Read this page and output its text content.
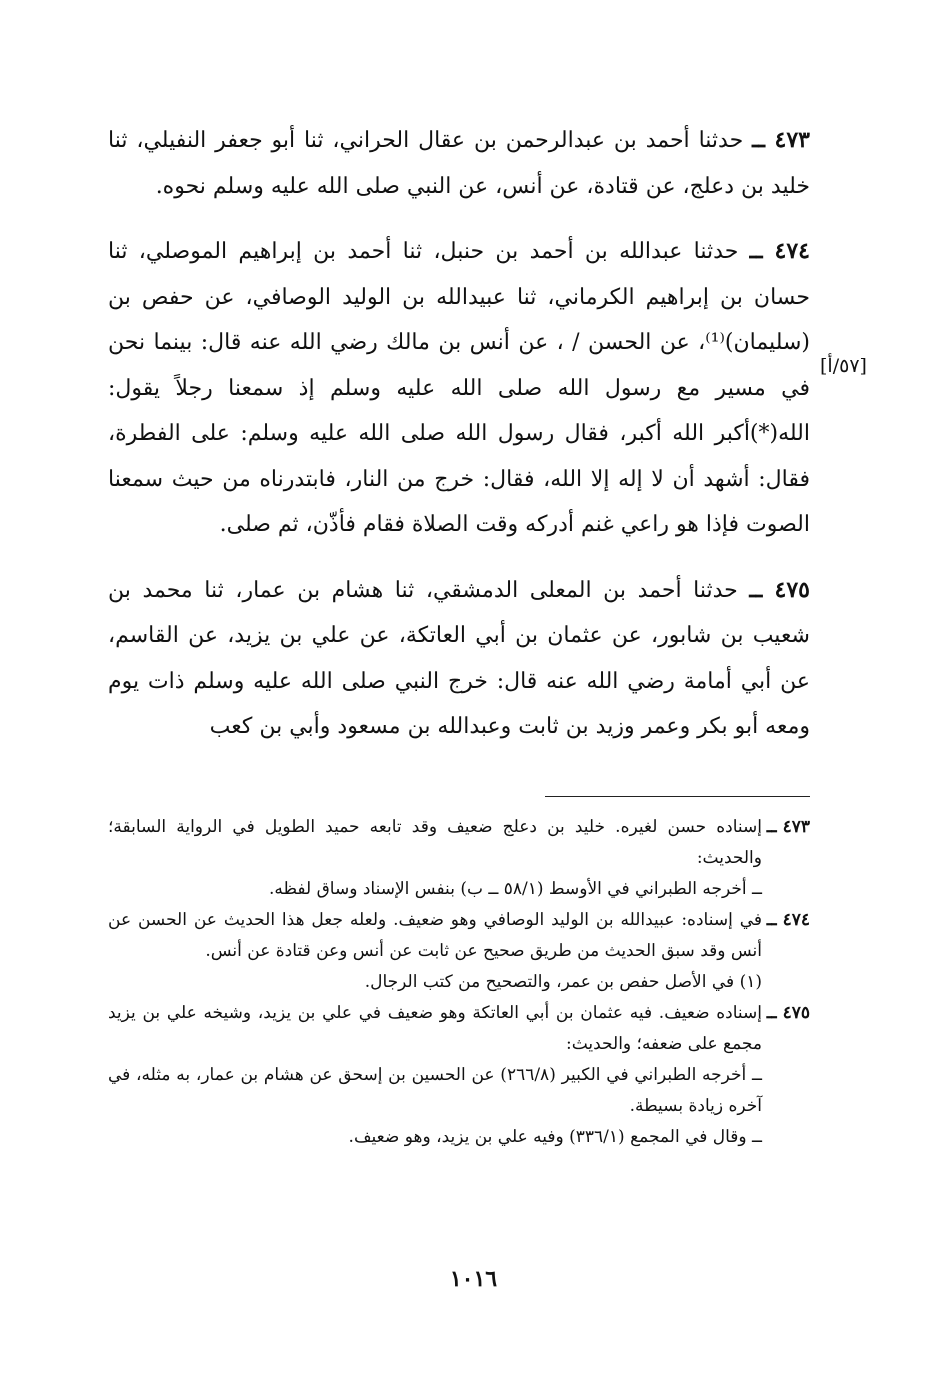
٤٧٣ ــ حدثنا أحمد بن عبدالرحمن بن عقال الحراني، ثنا أبو جعفر النفيلي، ثنا خليد بن دعلج، عن قتادة، عن أنس، عن النبي صلى الله عليه وسلم نحوه.

٤٧٤ ــ حدثنا عبدالله بن أحمد بن حنبل، ثنا أحمد بن إبراهيم الموصلي، ثنا حسان بن إبراهيم الكرماني، ثنا عبيدالله بن الوليد الوصافي، عن حفص بن (سليمان)⁽¹⁾، عن الحسن / ، عن أنس بن مالك رضي الله عنه قال: بينما نحن في مسير مع رسول الله صلى الله عليه وسلم إذ سمعنا رجلاً يقول: الله(*)أكبر الله أكبر، فقال رسول الله صلى الله عليه وسلم: على الفطرة، فقال: أشهد أن لا إله إلا الله، فقال: خرج من النار، فابتدرناه من حيث سمعنا الصوت فإذا هو راعي غنم أدركه وقت الصلاة فقام فأذّن، ثم صلى.

٤٧٥ ــ حدثنا أحمد بن المعلى الدمشقي، ثنا هشام بن عمار، ثنا محمد بن شعيب بن شابور، عن عثمان بن أبي العاتكة، عن علي بن يزيد، عن القاسم، عن أبي أمامة رضي الله عنه قال: خرج النبي صلى الله عليه وسلم ذات يوم ومعه أبو بكر وعمر وزيد بن ثابت وعبدالله بن مسعود وأبي بن كعب

[٥٧/أ]
٤٧٣ ــ

إسناده حسن لغيره. خليد بن دعلج ضعيف وقد تابعه حميد الطويل في الرواية السابقة؛ والحديث:

ــ أخرجه الطبراني في الأوسط (٥٨/١ ــ ب) بنفس الإسناد وساق لفظه.

٤٧٤ ــ

في إسناده: عبيدالله بن الوليد الوصافي وهو ضعيف. ولعله جعل هذا الحديث عن الحسن عن أنس وقد سبق الحديث من طريق صحيح عن ثابت عن أنس وعن قتادة عن أنس.

(١) في الأصل حفص بن عمر، والتصحيح من كتب الرجال.

٤٧٥ ــ

إسناده ضعيف. فيه عثمان بن أبي العاتكة وهو ضعيف في علي بن يزيد، وشيخه علي بن يزيد مجمع على ضعفه؛ والحديث:

ــ أخرجه الطبراني في الكبير (٢٦٦/٨) عن الحسين بن إسحق عن هشام بن عمار، به مثله، في آخره زيادة بسيطة.

ــ وقال في المجمع (٣٣٦/١) وفيه علي بن يزيد، وهو ضعيف.

١٠١٦
